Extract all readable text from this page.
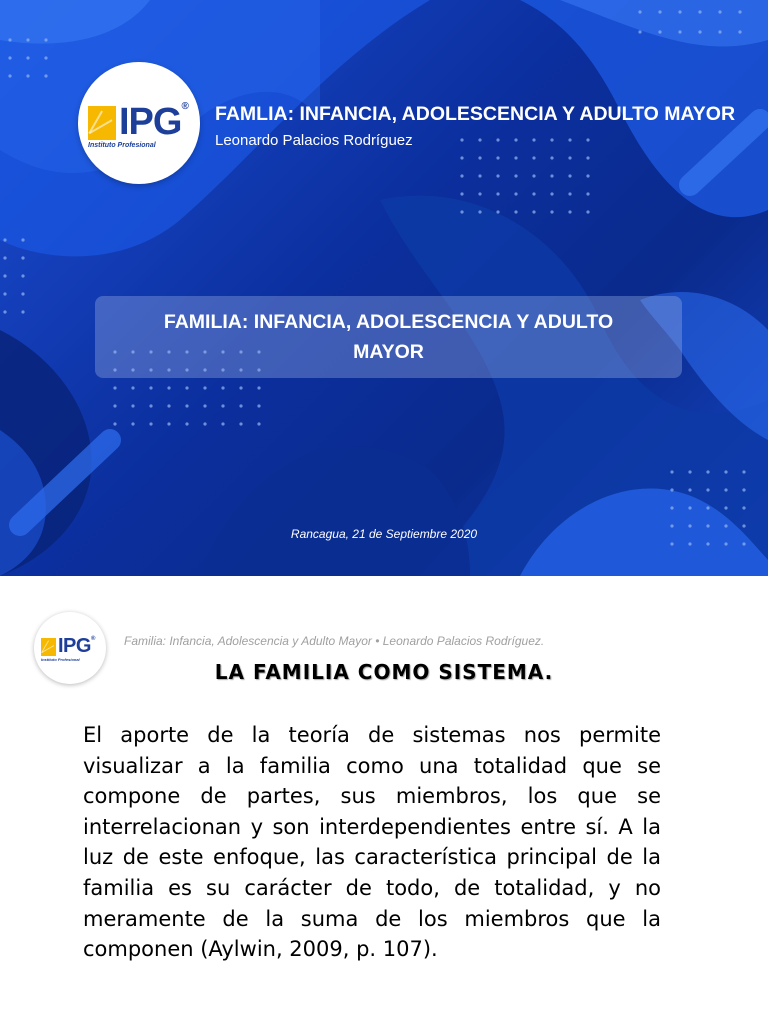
IPG ®
Instituto Profesional
FAMLIA: INFANCIA, ADOLESCENCIA Y ADULTO MAYOR
Leonardo Palacios Rodríguez
FAMILIA: INFANCIA, ADOLESCENCIA Y ADULTO MAYOR
Rancagua, 21 de Septiembre 2020
IPG ®
Instituto Profesional
Familia: Infancia, Adolescencia y Adulto Mayor • Leonardo Palacios Rodríguez.
LA FAMILIA COMO SISTEMA.
El aporte de la teoría de sistemas nos permite visualizar a la familia como una totalidad que se compone de partes, sus miembros, los que se interrelacionan y son interdependientes entre sí. A la luz de este enfoque, las característica principal de la familia es su carácter de todo, de totalidad, y no meramente de la suma de los miembros que la componen (Aylwin, 2009, p. 107).
